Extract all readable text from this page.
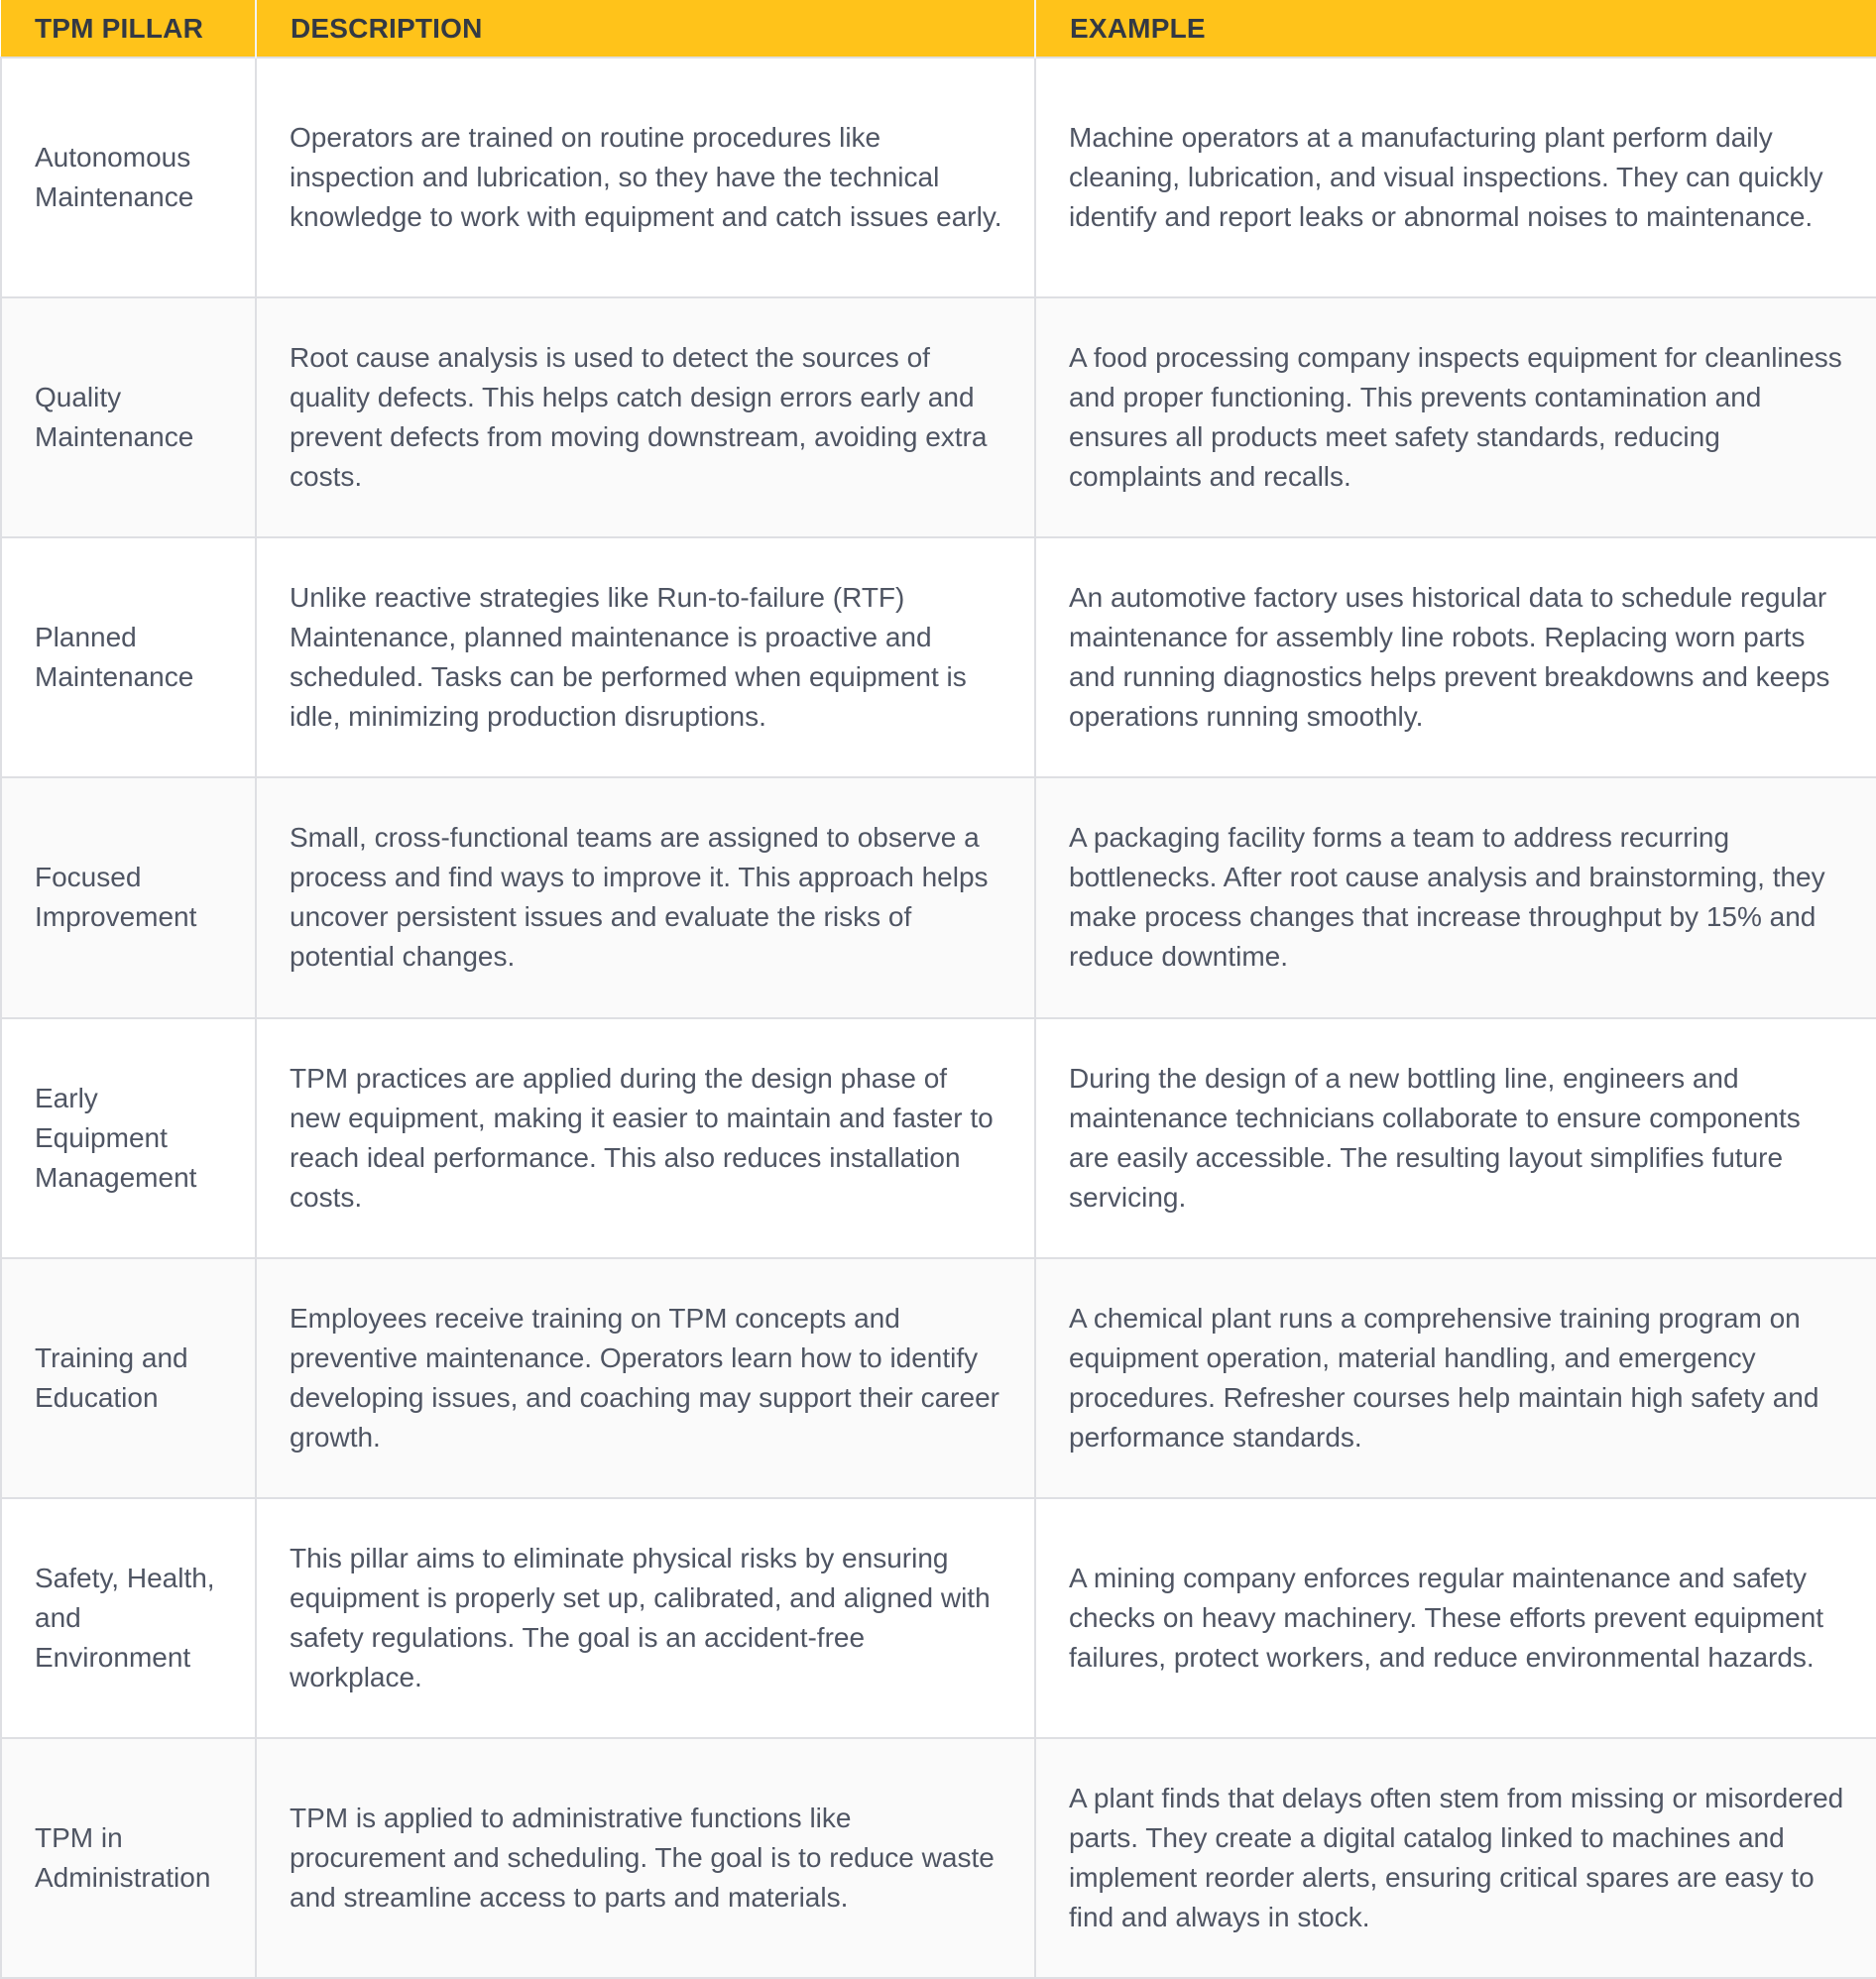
TPM PILLAR	DESCRIPTION	EXAMPLE
Autonomous Maintenance	Operators are trained on routine procedures like inspection and lubrication, so they have the technical knowledge to work with equipment and catch issues early.	Machine operators at a manufacturing plant perform daily cleaning, lubrication, and visual inspections. They can quickly identify and report leaks or abnormal noises to maintenance.
Quality Maintenance	Root cause analysis is used to detect the sources of quality defects. This helps catch design errors early and prevent defects from moving downstream, avoiding extra costs.	A food processing company inspects equipment for cleanliness and proper functioning. This prevents contamination and ensures all products meet safety standards, reducing complaints and recalls.
Planned Maintenance	Unlike reactive strategies like Run-to-failure (RTF) Maintenance, planned maintenance is proactive and scheduled. Tasks can be performed when equipment is idle, minimizing production disruptions.	An automotive factory uses historical data to schedule regular maintenance for assembly line robots. Replacing worn parts and running diagnostics helps prevent breakdowns and keeps operations running smoothly.
Focused Improvement	Small, cross-functional teams are assigned to observe a process and find ways to improve it. This approach helps uncover persistent issues and evaluate the risks of potential changes.	A packaging facility forms a team to address recurring bottlenecks. After root cause analysis and brainstorming, they make process changes that increase throughput by 15% and reduce downtime.
Early Equipment Management	TPM practices are applied during the design phase of new equipment, making it easier to maintain and faster to reach ideal performance. This also reduces installation costs.	During the design of a new bottling line, engineers and maintenance technicians collaborate to ensure components are easily accessible. The resulting layout simplifies future servicing.
Training and Education	Employees receive training on TPM concepts and preventive maintenance. Operators learn how to identify developing issues, and coaching may support their career growth.	A chemical plant runs a comprehensive training program on equipment operation, material handling, and emergency procedures. Refresher courses help maintain high safety and performance standards.
Safety, Health, and Environment	This pillar aims to eliminate physical risks by ensuring equipment is properly set up, calibrated, and aligned with safety regulations. The goal is an accident-free workplace.	A mining company enforces regular maintenance and safety checks on heavy machinery. These efforts prevent equipment failures, protect workers, and reduce environmental hazards.
TPM in Administration	TPM is applied to administrative functions like procurement and scheduling. The goal is to reduce waste and streamline access to parts and materials.	A plant finds that delays often stem from missing or misordered parts. They create a digital catalog linked to machines and implement reorder alerts, ensuring critical spares are easy to find and always in stock.
